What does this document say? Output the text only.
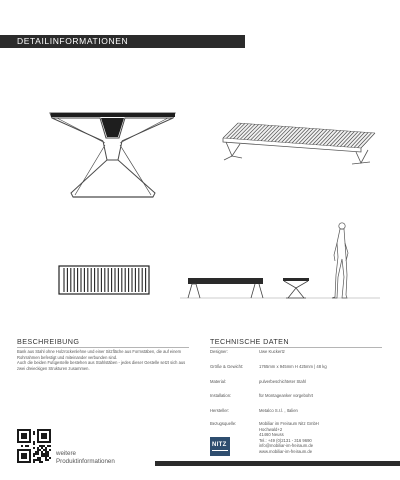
DETAILINFORMATIONEN
BESCHREIBUNG

Bank aus Stahl ohne Holzrückenlehne und einer Sitzfläche aus Formstäben, die auf einem Rohrrahmen befestigt und miteinander verbunden sind.

Auch die beiden Fußgestelle bestehen aus Stahlstäben - jedes dieser Gestelle setzt sich aus zwei dreieckigen Strukturen zusammen.

TECHNISCHE DATEN
Designer:	Uwe Kuckertz
Größe & Gewicht:	1765mm x 945mm H 425mm | 48 kg
Material:	pulverbeschichteter Stahl
Installation:	für Montageanker vorgebohrt
Hersteller:	Metalco S.r.l. , Italien
Bezugsquelle:	Mobiliar im Freiraum Nitz GmbH
Hochwald+2
41460 Neuss
Tel.: +49 (0)2131 - 316 9690
info@mobiliar-im-freiraum.de
www.mobiliar-im-freiraum.de
NITZ
weitere
Produktinformationen
